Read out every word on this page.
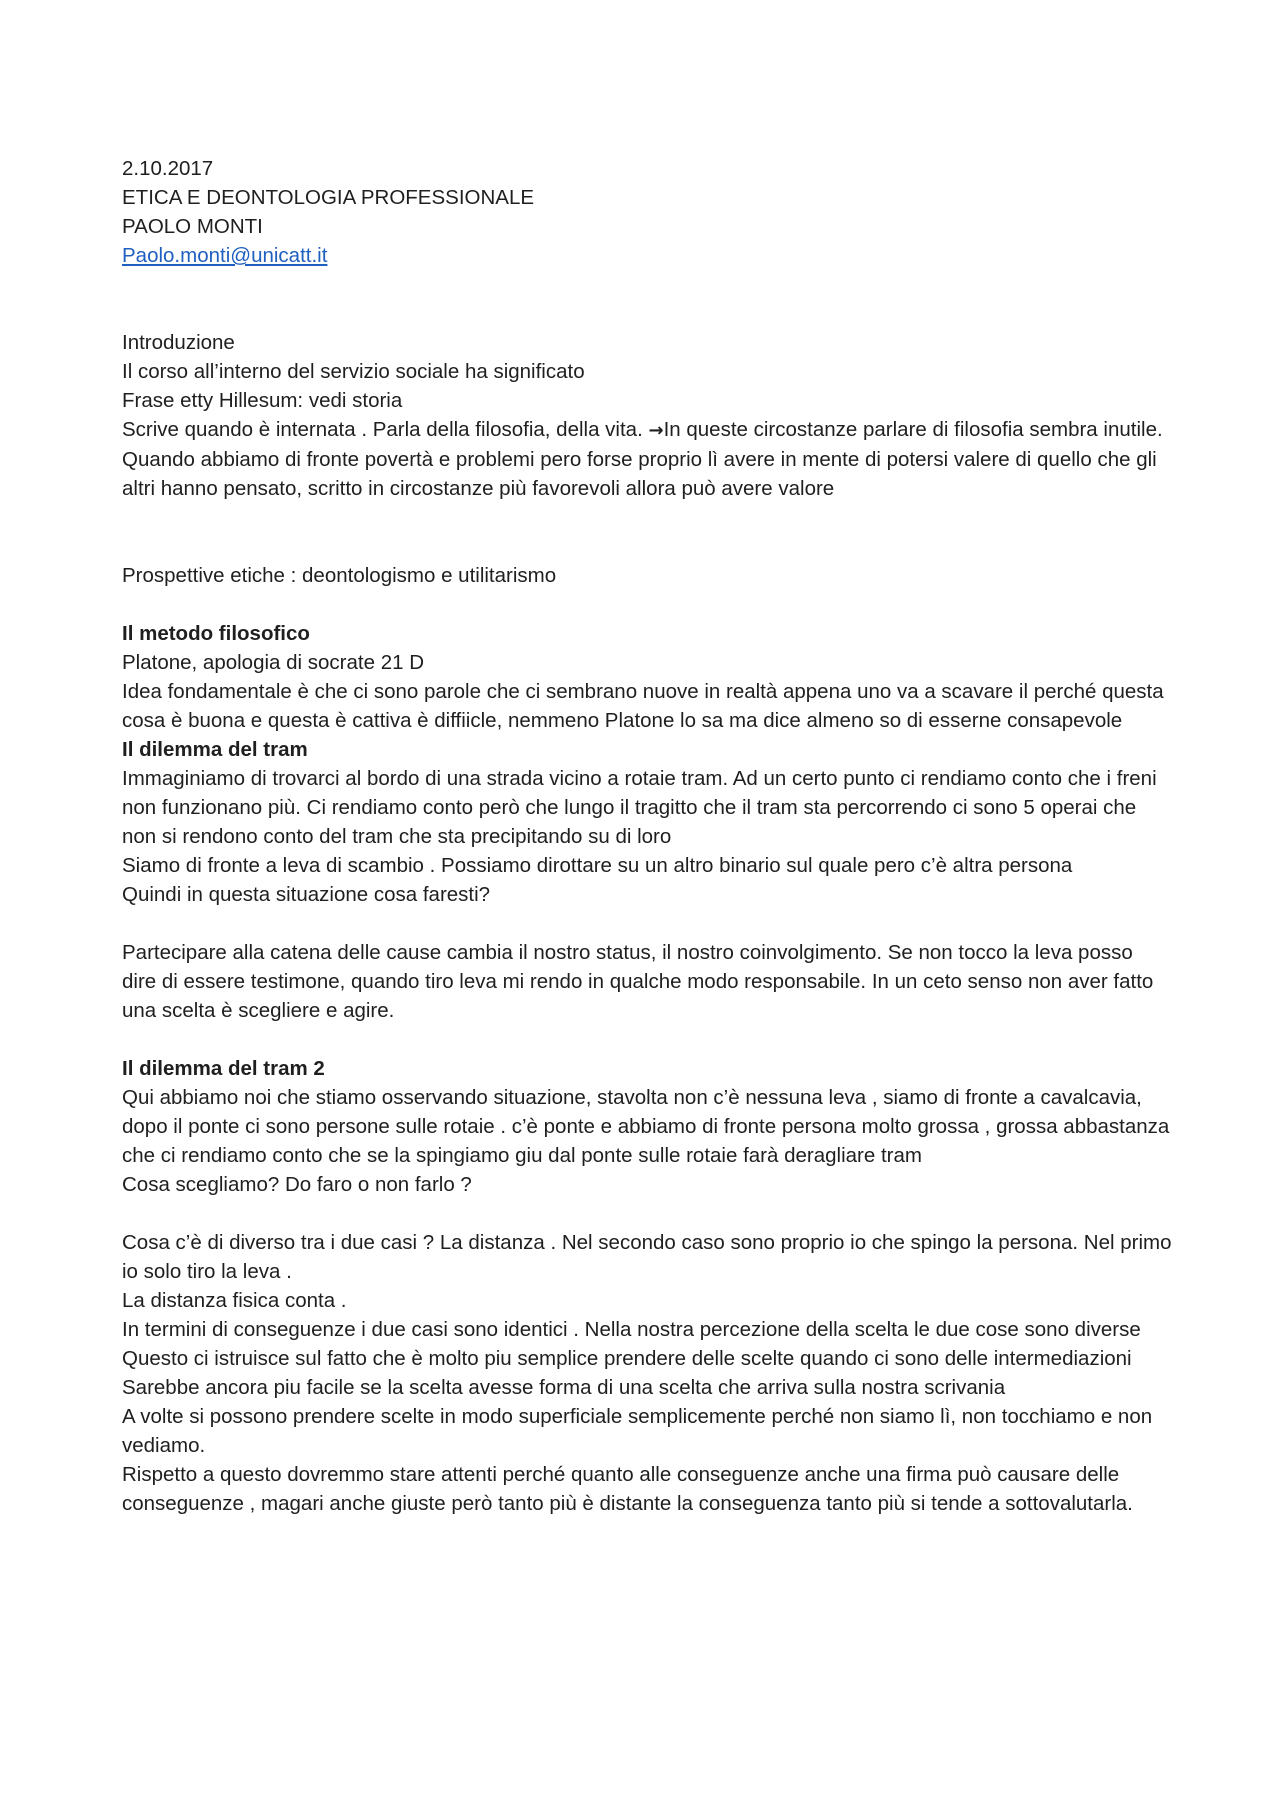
2.10.2017

ETICA E DEONTOLOGIA PROFESSIONALE

PAOLO MONTI

Paolo.monti@unicatt.it

Introduzione

Il corso all’interno del servizio sociale ha significato

Frase etty Hillesum: vedi storia

Scrive quando è internata . Parla della filosofia, della vita. →In queste circostanze parlare di filosofia sembra inutile. Quando abbiamo di fronte povertà e problemi pero forse proprio lì avere in mente di potersi valere di quello che gli altri hanno pensato, scritto in circostanze più favorevoli allora può avere valore

Prospettive etiche : deontologismo e utilitarismo

Il metodo filosofico

Platone, apologia di socrate 21 D

Idea fondamentale è che ci sono parole che ci sembrano nuove in realtà appena uno va a scavare il perché questa cosa è buona e questa è cattiva è diffiicle, nemmeno Platone lo sa ma dice almeno so di esserne consapevole

Il dilemma del tram

Immaginiamo di trovarci al bordo di una strada vicino a rotaie tram. Ad un certo punto ci rendiamo conto che i freni non funzionano più. Ci rendiamo conto però che lungo il tragitto che il tram sta percorrendo ci sono 5 operai che non si rendono conto del tram che sta precipitando su di loro

Siamo di fronte a leva di scambio . Possiamo dirottare su un altro binario sul quale pero c’è altra persona

Quindi in questa situazione cosa faresti?

Partecipare alla catena delle cause cambia il nostro status, il nostro coinvolgimento. Se non tocco la leva posso dire di essere testimone, quando tiro leva mi rendo in qualche modo responsabile. In un ceto senso non aver fatto una scelta è scegliere e agire.

Il dilemma del tram 2

Qui abbiamo noi che stiamo osservando situazione, stavolta non c’è nessuna leva , siamo di fronte a cavalcavia, dopo il ponte ci sono persone sulle rotaie . c’è ponte e abbiamo di fronte persona molto grossa , grossa abbastanza che ci rendiamo conto che se la spingiamo giu dal ponte sulle rotaie farà deragliare tram

Cosa scegliamo? Do faro o non farlo ?

Cosa c’è di diverso tra i due casi ? La distanza . Nel secondo caso sono proprio io che spingo la persona. Nel primo io solo tiro la leva .

La distanza fisica conta .

In termini di conseguenze i due casi sono identici . Nella nostra percezione della scelta le due cose sono diverse

Questo ci istruisce sul fatto che è molto piu semplice prendere delle scelte quando ci sono delle intermediazioni

Sarebbe ancora piu facile se la scelta avesse forma di una scelta che arriva sulla nostra scrivania

A volte si possono prendere scelte in modo superficiale semplicemente perché non siamo lì, non tocchiamo e non vediamo.

Rispetto a questo dovremmo stare attenti perché quanto alle conseguenze anche una firma può causare delle conseguenze , magari anche giuste però tanto più è distante la conseguenza tanto più si tende a sottovalutarla.
